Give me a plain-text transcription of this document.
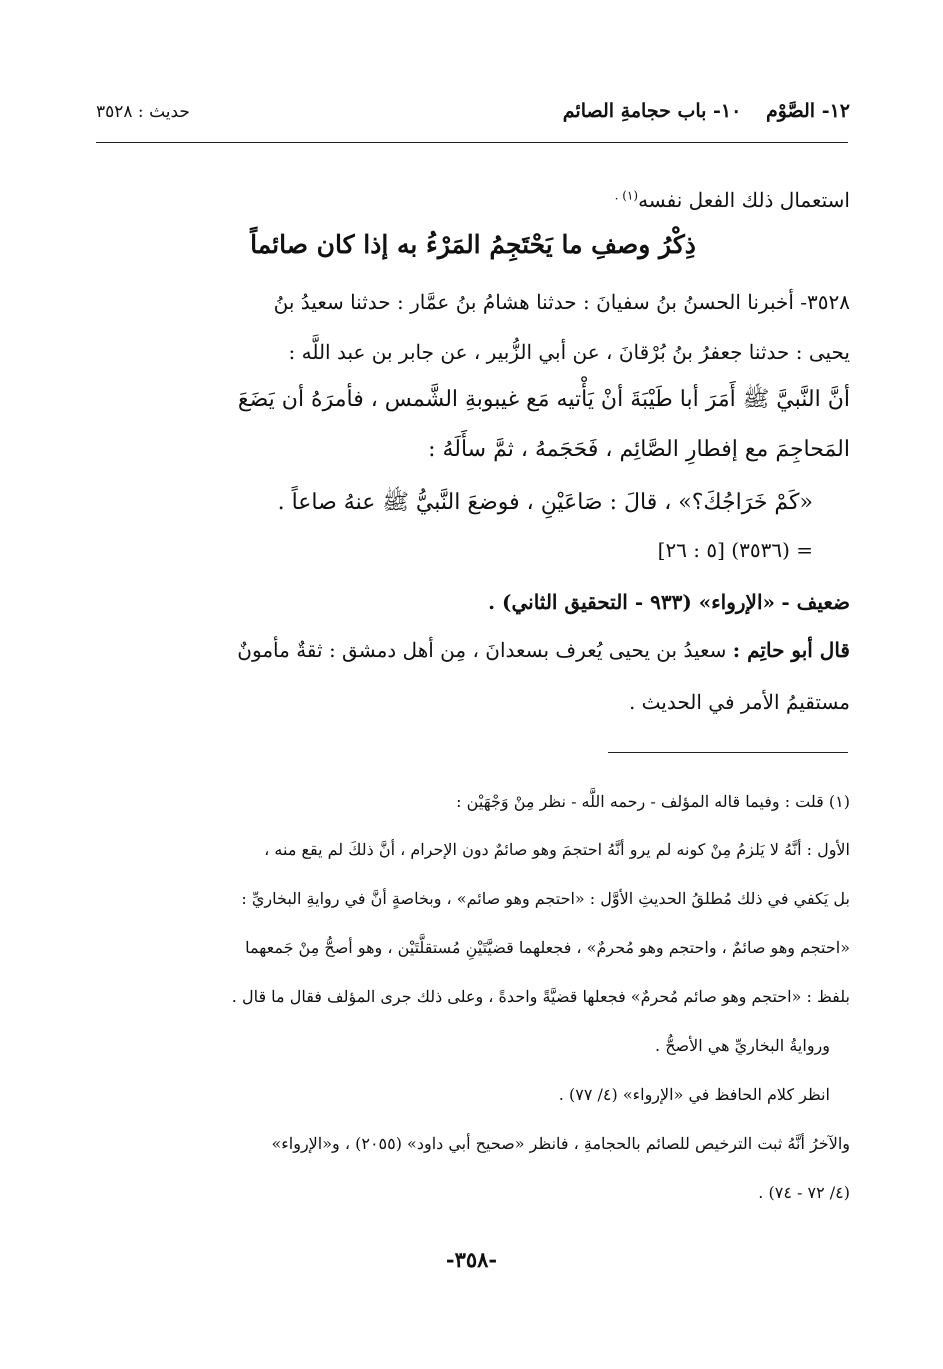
١٢- الصَّوْم ١٠- باب حجامةِ الصائم
حديث : ٣٥٢٨
استعمال ذلك الفعل نفسه$^{(١) .}$
ذِكْرُ وصفِ ما يَحْتَجِمُ المَرْءُ به إذا كان صائماً
٣٥٢٨- أخبرنا الحسنُ بنُ سفيانَ : حدثنا هشامُ بنُ عمَّار : حدثنا سعيدُ بنُ
يحيى : حدثنا جعفرُ بنُ بُرْقانَ ، عن أبي الزُّبير ، عن جابر بن عبد اللَّه :
أنَّ النَّبيَّ ﷺ أَمَرَ أبا طَيْبَةَ أنْ يَأْتيه مَع غيبوبةِ الشَّمس ، فأمرَهُ أن يَضَعَ
المَحاجِمَ مع إفطارِ الصَّائِم ، فَحَجَمهُ ، ثمَّ سأَلَهُ :
«كَمْ خَرَاجُكَ؟» ، قالَ : صَاعَيْنِ ، فوضعَ النَّبيُّ ﷺ عنهُ صاعاً .
= (٣٥٣٦) [٥ : ٢٦]
ضعيف - «الإرواء» (٩٣٣ - التحقيق الثاني) .
قال أبو حاتِم : سعيدُ بن يحيى يُعرف بسعدانَ ، مِن أهل دمشق : ثقةٌ مأمونٌ
مستقيمُ الأمر في الحديث .
(١) قلت : وفيما قاله المؤلف - رحمه اللَّه - نظر مِنْ وَجْهَيْن :
الأول : أنَّهُ لا يَلزمُ مِنْ كونه لم يرو أنَّهُ احتجمَ وهو صائمٌ دون الإحرام ، أنَّ ذلكَ لم يقع منه ،
بل يَكفي في ذلك مُطلقُ الحديثِ الأوَّل : «احتجم وهو صائم» ، وبخاصةٍ أنَّ في روايةِ البخاريِّ :
«احتجم وهو صائمٌ ، واحتجم وهو مُحرمٌ» ، فجعلهما قضيَّتَيْنِ مُستقلَّتَيْن ، وهو أصحُّ مِنْ جَمعهما
بلفظ : «احتجم وهو صائم مُحرمٌ» فجعلها قضيَّةً واحدةً ، وعلى ذلك جرى المؤلف فقال ما قال .
وروايةُ البخاريِّ هي الأصحُّ .
انظر كلام الحافظ في «الإرواء» (٤/ ٧٧) .
والآخرُ أنَّهُ ثبت الترخيص للصائم بالحجامةِ ، فانظر «صحيح أبي داود» (٢٠٥٥) ، و«الإرواء»
(٤/ ٧٢ - ٧٤) .
-٣٥٨-
